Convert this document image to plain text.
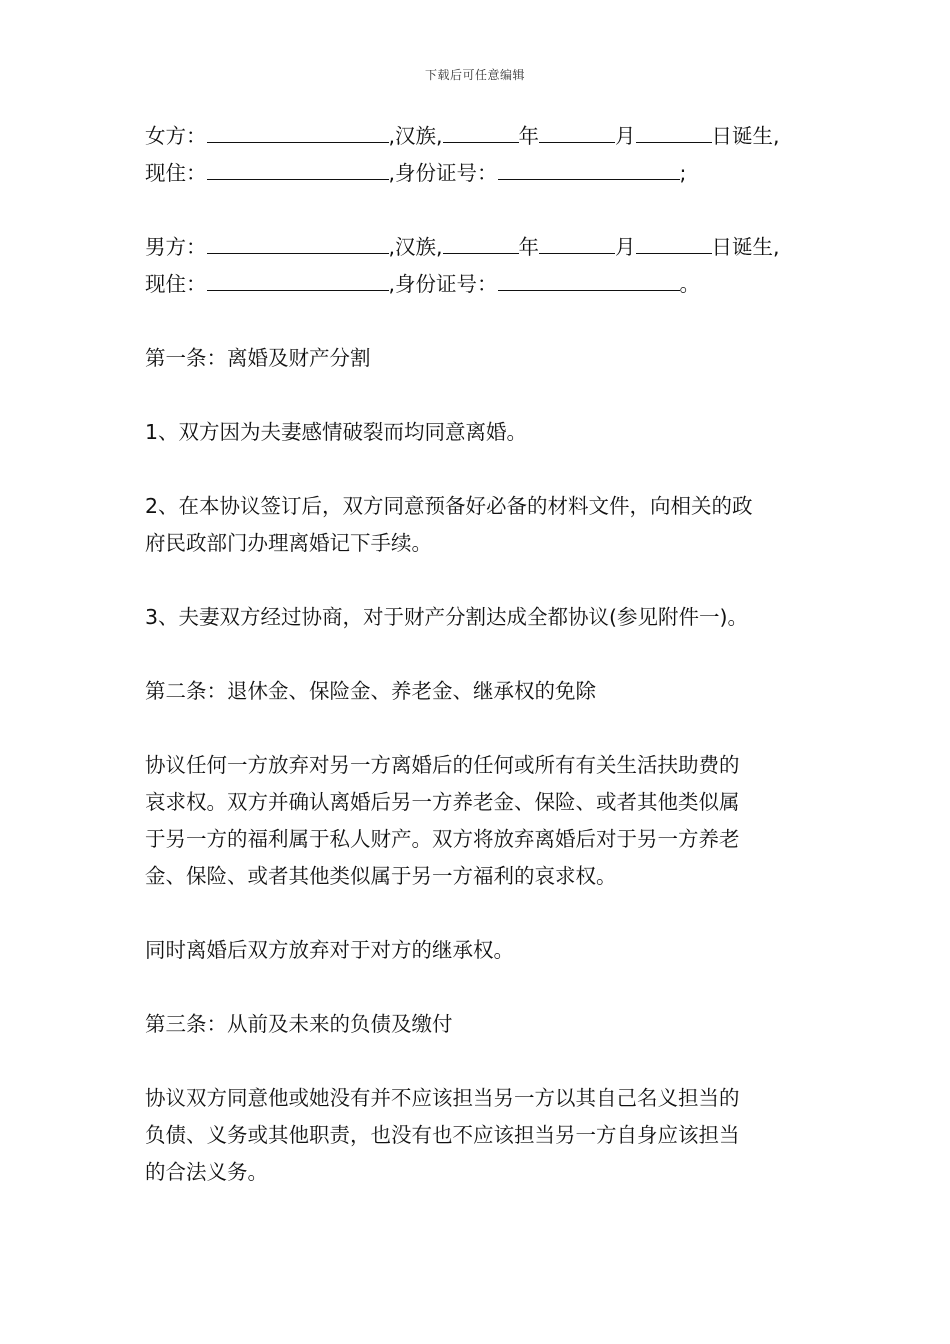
下载后可任意编辑

女方：	,汉族,	年	月	日诞生,

现住：	,身份证号：	;

男方：	,汉族,	年	月	日诞生,

现住：	,身份证号：	。

第一条：离婚及财产分割

1、双方因为夫妻感情破裂而均同意离婚。

2、在本协议签订后，双方同意预备好必备的材料文件，向相关的政

府民政部门办理离婚记下手续。

3、夫妻双方经过协商，对于财产分割达成全都协议(参见附件一)。

第二条：退休金、保险金、养老金、继承权的免除

协议任何一方放弃对另一方离婚后的任何或所有有关生活扶助费的

哀求权。双方并确认离婚后另一方养老金、保险、或者其他类似属

于另一方的福利属于私人财产。双方将放弃离婚后对于另一方养老

金、保险、或者其他类似属于另一方福利的哀求权。

同时离婚后双方放弃对于对方的继承权。

第三条：从前及未来的负债及缴付

协议双方同意他或她没有并不应该担当另一方以其自己名义担当的

负债、义务或其他职责，也没有也不应该担当另一方自身应该担当

的合法义务。
